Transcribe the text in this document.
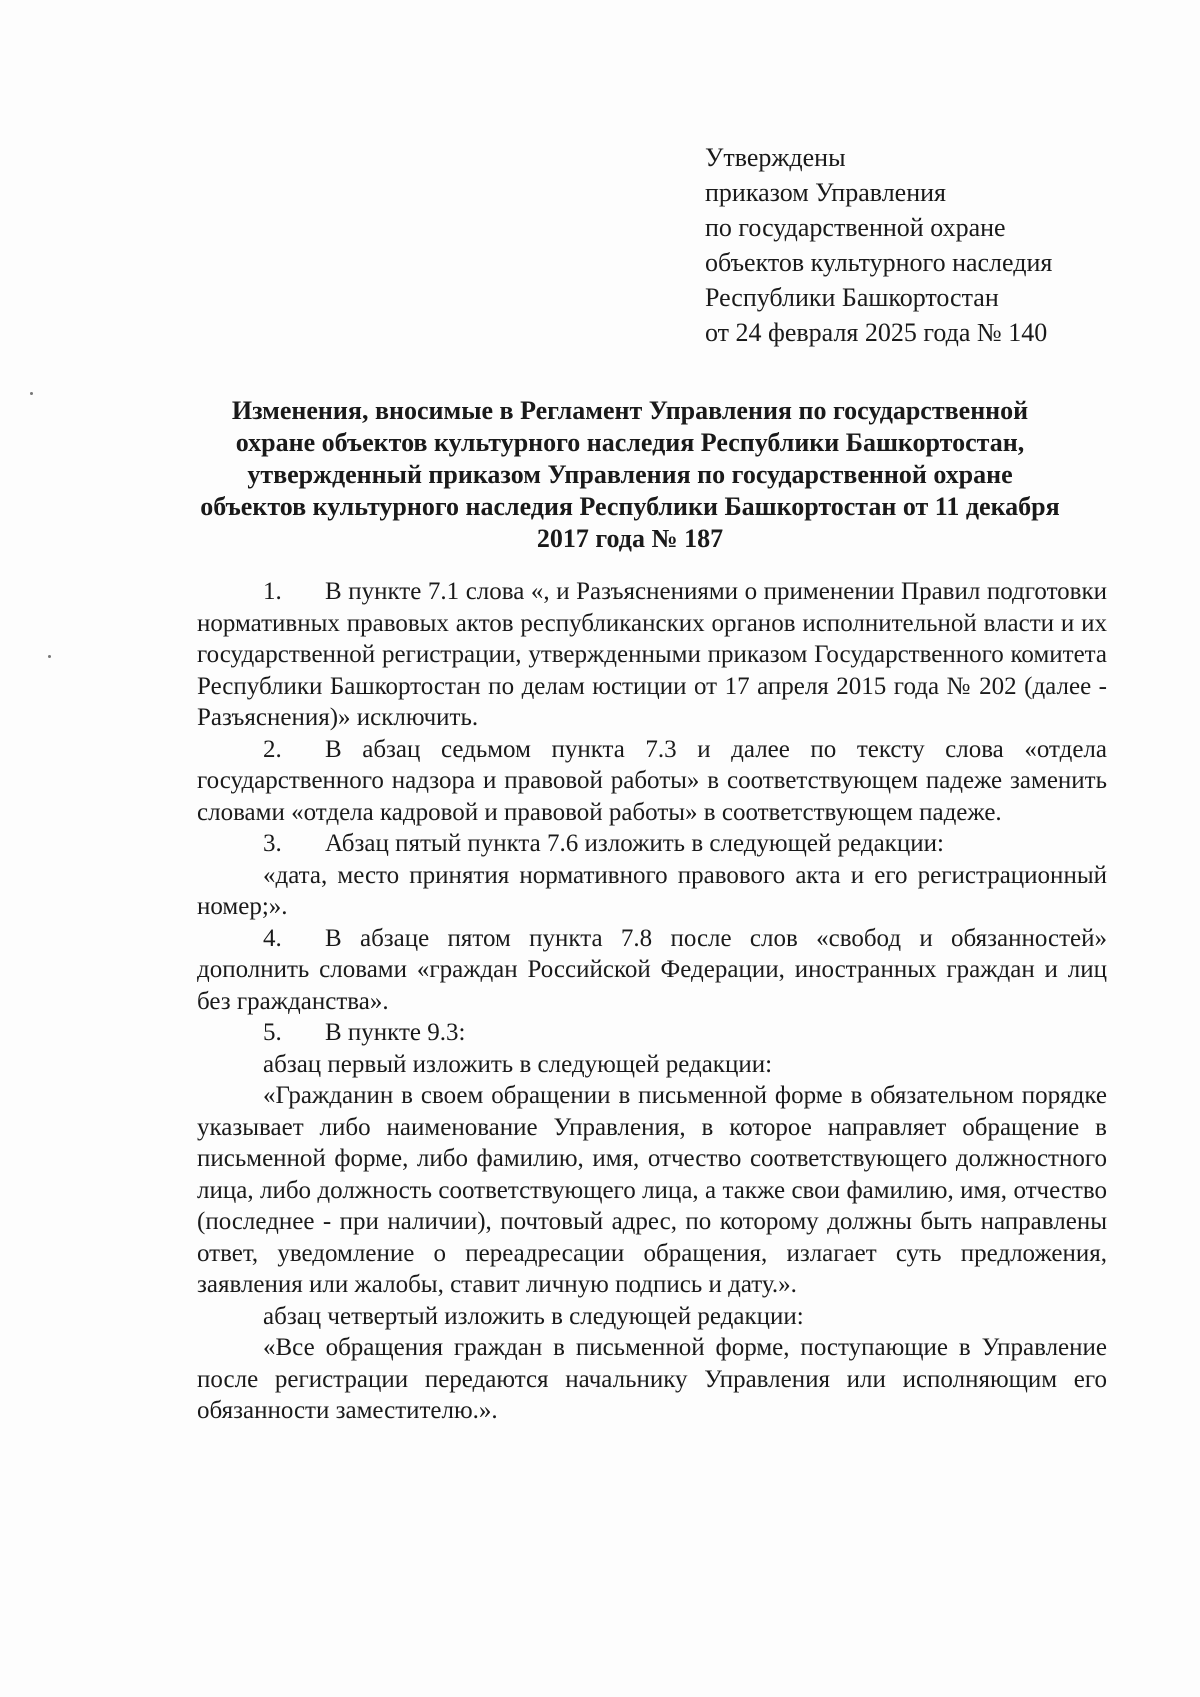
Утверждены
приказом Управления
по государственной охране
объектов культурного наследия
Республики Башкортостан
от 24 февраля 2025 года № 140
Изменения, вносимые в Регламент Управления по государственной
охране объектов культурного наследия Республики Башкортостан,
утвержденный приказом Управления по государственной охране
объектов культурного наследия Республики Башкортостан от 11 декабря
2017 года № 187

1. В пункте 7.1 слова «, и Разъяснениями о применении Правил подготовки нормативных правовых актов республиканских органов исполнительной власти и их государственной регистрации, утвержденными приказом Государственного комитета Республики Башкортостан по делам юстиции от 17 апреля 2015 года № 202 (далее - Разъяснения)» исключить.

2. В абзац седьмом пункта 7.3 и далее по тексту слова «отдела государственного надзора и правовой работы» в соответствующем падеже заменить словами «отдела кадровой и правовой работы» в соответствующем падеже.

3. Абзац пятый пункта 7.6 изложить в следующей редакции:

«дата, место принятия нормативного правового акта и его регистрационный номер;».

4. В абзаце пятом пункта 7.8 после слов «свобод и обязанностей» дополнить словами «граждан Российской Федерации, иностранных граждан и лиц без гражданства».

5. В пункте 9.3:

абзац первый изложить в следующей редакции:

«Гражданин в своем обращении в письменной форме в обязательном порядке указывает либо наименование Управления, в которое направляет обращение в письменной форме, либо фамилию, имя, отчество соответствующего должностного лица, либо должность соответствующего лица, а также свои фамилию, имя, отчество (последнее - при наличии), почтовый адрес, по которому должны быть направлены ответ, уведомление о переадресации обращения, излагает суть предложения, заявления или жалобы, ставит личную подпись и дату.».

абзац четвертый изложить в следующей редакции:

«Все обращения граждан в письменной форме, поступающие в Управление после регистрации передаются начальнику Управления или исполняющим его обязанности заместителю.».
